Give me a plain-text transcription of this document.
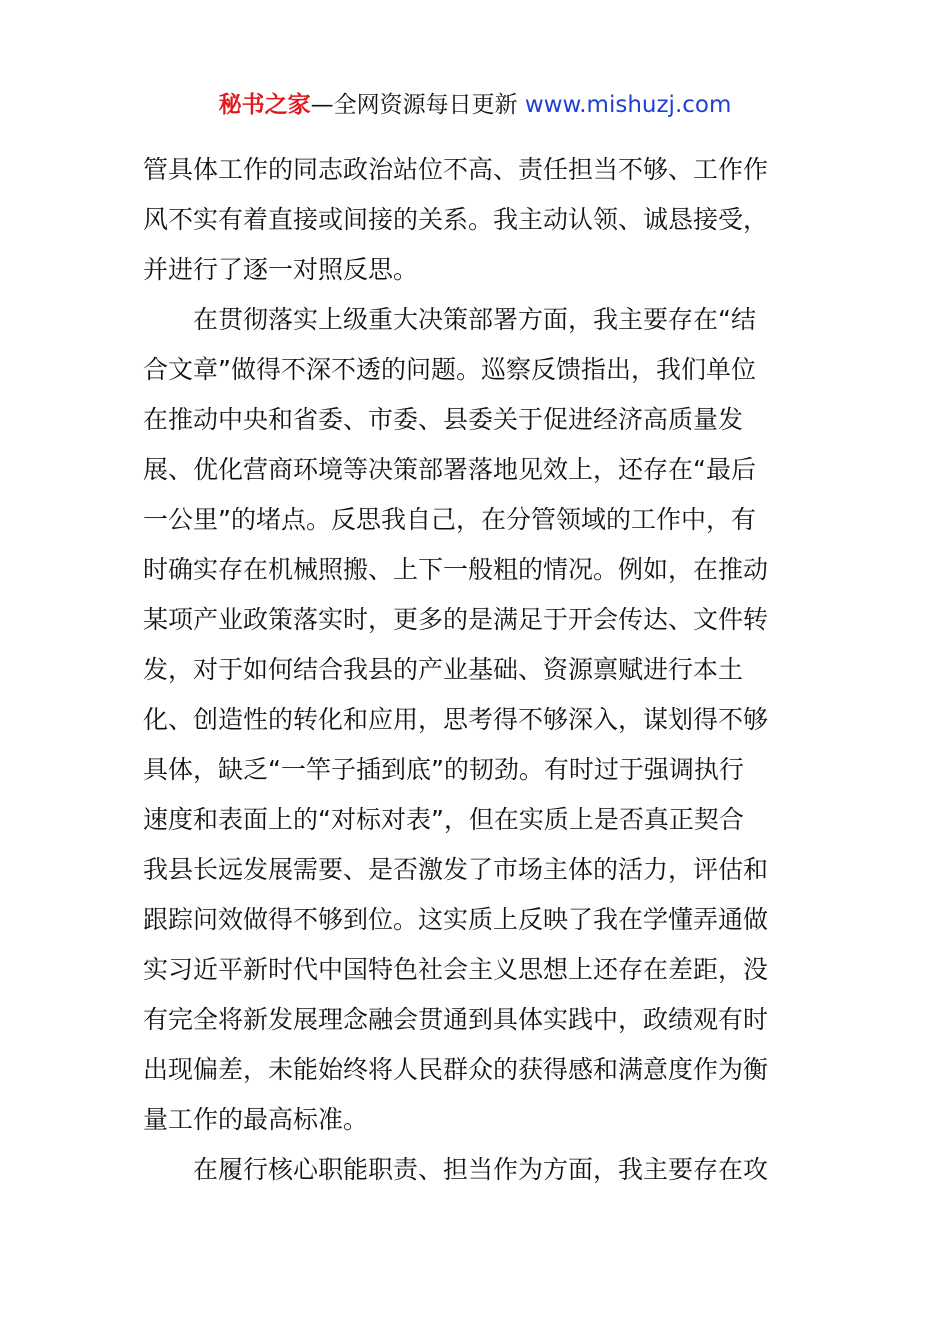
秘书之家—全网资源每日更新 www.mishuzj.com
管具体工作的同志政治站位不高、责任担当不够、工作作
风不实有着直接或间接的关系。我主动认领、诚恳接受，
并进行了逐一对照反思。
　　在贯彻落实上级重大决策部署方面，我主要存在“结
合文章”做得不深不透的问题。巡察反馈指出，我们单位
在推动中央和省委、市委、县委关于促进经济高质量发
展、优化营商环境等决策部署落地见效上，还存在“最后
一公里”的堵点。反思我自己，在分管领域的工作中，有
时确实存在机械照搬、上下一般粗的情况。例如，在推动
某项产业政策落实时，更多的是满足于开会传达、文件转
发，对于如何结合我县的产业基础、资源禀赋进行本土
化、创造性的转化和应用，思考得不够深入，谋划得不够
具体，缺乏“一竿子插到底”的韧劲。有时过于强调执行
速度和表面上的“对标对表”，但在实质上是否真正契合
我县长远发展需要、是否激发了市场主体的活力，评估和
跟踪问效做得不够到位。这实质上反映了我在学懂弄通做
实习近平新时代中国特色社会主义思想上还存在差距，没
有完全将新发展理念融会贯通到具体实践中，政绩观有时
出现偏差，未能始终将人民群众的获得感和满意度作为衡
量工作的最高标准。
　　在履行核心职能职责、担当作为方面，我主要存在攻
